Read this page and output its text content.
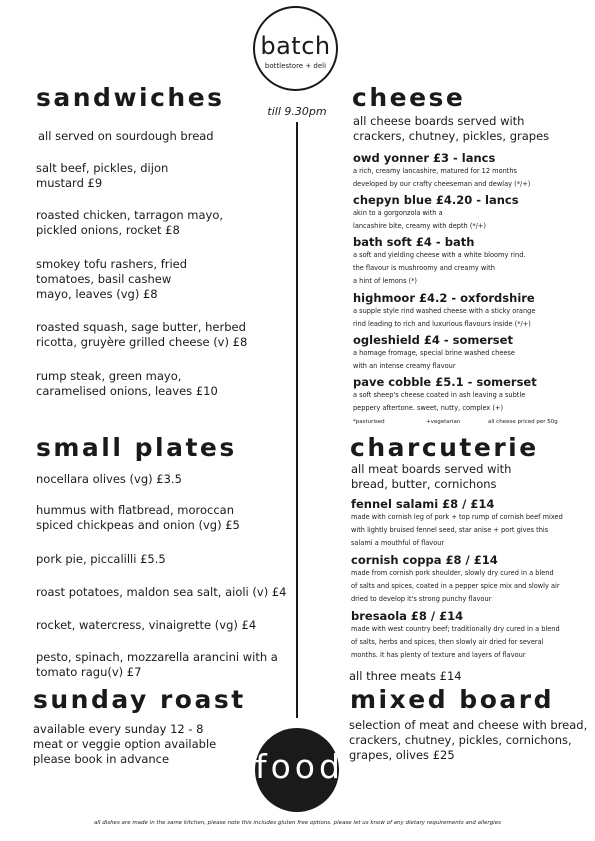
batch
bottlestore + deli
till 9.30pm
food
sandwiches
all served on sourdough bread
salt beef, pickles, dijon
mustard £9
roasted chicken, tarragon mayo,
pickled onions, rocket £8
smokey tofu rashers, fried
tomatoes, basil cashew
mayo, leaves (vg) £8
roasted squash, sage butter, herbed
ricotta, gruyère grilled cheese (v) £8
rump steak, green mayo,
caramelised onions, leaves £10
small plates
nocellara olives (vg) £3.5
hummus with flatbread, moroccan
spiced chickpeas and onion (vg) £5
pork pie, piccalilli £5.5
roast potatoes, maldon sea salt, aioli (v) £4
rocket, watercress, vinaigrette (vg) £4
pesto, spinach, mozzarella arancini with a
tomato ragu(v) £7
sunday roast
available every sunday 12 - 8
meat or veggie option available
please book in advance
cheese
all cheese boards served with
crackers, chutney, pickles, grapes
owd yonner £3 - lancs
a rich, creamy lancashire, matured for 12 months
developed by our crafty cheeseman and dewlay (*/+)
chepyn blue £4.20 - lancs
akin to a gorgonzola with a
lancashire bite, creamy with depth (*/+)
bath soft £4 - bath
a soft and yielding cheese with a white bloomy rind.
the flavour is mushroomy and creamy with
a hint of lemons (*)
highmoor £4.2 - oxfordshire
a supple style rind washed cheese with a sticky orange
rind leading to rich and luxurious flavours inside (*/+)
ogleshield £4 - somerset
a homage fromage, special brine washed cheese
with an intense creamy flavour
pave cobble £5.1 - somerset
a soft sheep's cheese coated in ash leaving a subtle
peppery aftertone. sweet, nutty, complex (+)
*pasturised	+vegetarian	all cheese priced per 50g
charcuterie
all meat boards served with
bread, butter, cornichons
fennel salami £8 / £14
made with cornish leg of pork + top rump of cornish beef mixed
with lightly bruised fennel seed, star anise + port gives this
salami a mouthful of flavour
cornish coppa £8 / £14
made from cornish pork shoulder, slowly dry cured in a blend
of salts and spices, coated in a pepper spice mix and slowly air
dried to develop it's strong punchy flavour
bresaola £8 / £14
made with west country beef; traditionally dry cured in a blend
of salts, herbs and spices, then slowly air dried for several
months. it has plenty of texture and layers of flavour
all three meats £14
mixed board
selection of meat and cheese with bread,
crackers, chutney, pickles, cornichons,
grapes, olives £25
all dishes are made in the same kitchen, please note this includes gluten free options. please let us know of any dietary requirements and allergies
